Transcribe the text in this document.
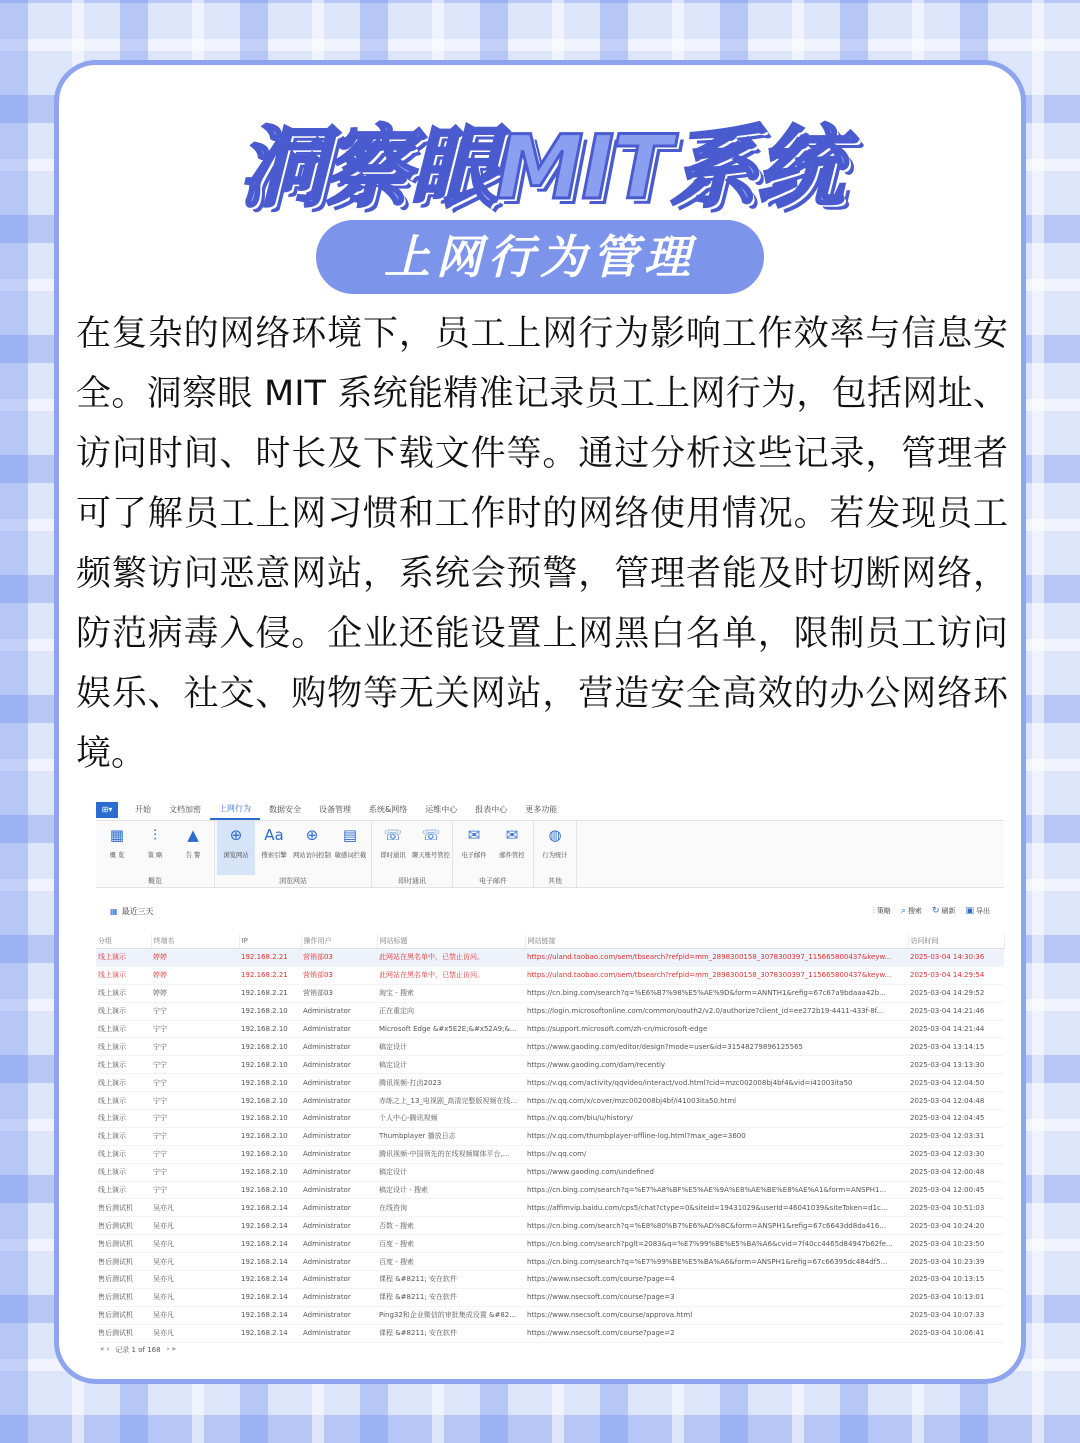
洞察眼MIT系统
上网行为管理
在复杂的网络环境下，员工上网行为影响工作效率与信息安全。洞察眼 MIT 系统能精准记录员工上网行为，包括网址、访问时间、时长及下载文件等。通过分析这些记录，管理者可了解员工上网习惯和工作时的网络使用情况。若发现员工频繁访问恶意网站，系统会预警，管理者能及时切断网络，防范病毒入侵。企业还能设置上网黑白名单，限制员工访问娱乐、社交、购物等无关网站，营造安全高效的办公网络环境。
⊞▾	开始	文档加密	上网行为	数据安全	设备管理	系统&网络	运维中心	报表中心	更多功能
▦
概 览
⫶
策 略
▲
告 警
概览
⊕
浏览网站
Aa
搜索引擎
⊕
网站访问控制
▤
敏感词拦截
浏览网站
☏
即时通讯
☏
聊天账号管控
即时通讯
✉
电子邮件
✉
邮件管控
电子邮件
◍
行为统计
其他
▦ 最近三天	⫶ 策略 ⌕ 搜索 ↻ 刷新 ▣ 导出
分组	终端名	IP	操作用户	网站标题	网站链接	访问时间
线上演示	婷婷	192.168.2.21	营销部03	此网站在黑名单中，已禁止访问。	https://uland.taobao.com/sem/tbsearch?refpid=mm_2898300158_3078300397_115665800437&keyw...	2025-03-04 14:30:36
线上演示	婷婷	192.168.2.21	营销部03	此网站在黑名单中，已禁止访问。	https://uland.taobao.com/sem/tbsearch?refpid=mm_2898300158_3078300397_115665800437&keyw...	2025-03-04 14:29:54
线上演示	婷婷	192.168.2.21	营销部03	淘宝 - 搜索	https://cn.bing.com/search?q=%E6%B7%98%E5%AE%9D&form=ANNTH1&refig=67c67a9bdaaa42b...	2025-03-04 14:29:52
线上演示	宁宁	192.168.2.10	Administrator	正在重定向	https://login.microsoftonline.com/common/oauth2/v2.0/authorize?client_id=ee272b19-4411-433f-8f...	2025-03-04 14:21:46
线上演示	宁宁	192.168.2.10	Administrator	Microsoft Edge &#x5E2E;&#x52A9;&...	https://support.microsoft.com/zh-cn/microsoft-edge	2025-03-04 14:21:44
线上演示	宁宁	192.168.2.10	Administrator	稿定设计	https://www.gaoding.com/editor/design?mode=user&id=31548279896125565	2025-03-04 13:14:15
线上演示	宁宁	192.168.2.10	Administrator	稿定设计	https://www.gaoding.com/dam/recently	2025-03-04 13:13:30
线上演示	宁宁	192.168.2.10	Administrator	腾讯视频-打卤2023	https://v.qq.com/activity/qqvideo/interact/vod.html?cid=mzc002008bj4bf4&vid=i41003ita50	2025-03-04 12:04:50
线上演示	宁宁	192.168.2.10	Administrator	赤练之上_13_电视剧_高清完整版视频在线...	https://v.qq.com/x/cover/mzc002008bj4bf/i41003ita50.html	2025-03-04 12:04:48
线上演示	宁宁	192.168.2.10	Administrator	个人中心-腾讯视频	https://v.qq.com/biu/u/history/	2025-03-04 12:04:45
线上演示	宁宁	192.168.2.10	Administrator	Thumbplayer 播放日志	https://v.qq.com/thumbplayer-offline-log.html?max_age=3600	2025-03-04 12:03:31
线上演示	宁宁	192.168.2.10	Administrator	腾讯视频-中国领先的在线视频媒体平台,...	https://v.qq.com/	2025-03-04 12:03:30
线上演示	宁宁	192.168.2.10	Administrator	稿定设计	https://www.gaoding.com/undefined	2025-03-04 12:00:48
线上演示	宁宁	192.168.2.10	Administrator	稿定设计 - 搜索	https://cn.bing.com/search?q=%E7%A8%BF%E5%AE%9A%E8%AE%BE%E8%AE%A1&form=ANSPH1...	2025-03-04 12:00:45
售后测试机	吴亦凡	192.168.2.14	Administrator	在线咨询	https://affimvip.baidu.com/cps5/chat?ctype=0&siteId=19431029&userId=46041039&siteToken=d1c...	2025-03-04 10:51:03
售后测试机	吴亦凡	192.168.2.14	Administrator	否数 - 搜索	https://cn.bing.com/search?q=%E8%80%B7%E6%AD%8C&form=ANSPH1&refig=67c6643dd8da416...	2025-03-04 10:24:20
售后测试机	吴亦凡	192.168.2.14	Administrator	百度 - 搜索	https://cn.bing.com/search?pglt=2083&q=%E7%99%BE%E5%BA%A6&cvid=7f40cc4465d84947b62fe...	2025-03-04 10:23:50
售后测试机	吴亦凡	192.168.2.14	Administrator	百度 - 搜索	https://cn.bing.com/search?q=%E7%99%BE%E5%BA%A6&form=ANSPH1&refig=67c66395dc484df5...	2025-03-04 10:23:39
售后测试机	吴亦凡	192.168.2.14	Administrator	课程 &#8211; 安在软件	https://www.nsecsoft.com/course?page=4	2025-03-04 10:13:15
售后测试机	吴亦凡	192.168.2.14	Administrator	课程 &#8211; 安在软件	https://www.nsecsoft.com/course?page=3	2025-03-04 10:13:01
售后测试机	吴亦凡	192.168.2.14	Administrator	Ping32和企业微信的审批集成设置 &#82...	https://www.nsecsoft.com/course/approva.html	2025-03-04 10:07:33
售后测试机	吴亦凡	192.168.2.14	Administrator	课程 &#8211; 安在软件	https://www.nsecsoft.com/course?page=2	2025-03-04 10:06:41
« ‹ 记录 1 of 168 › »
